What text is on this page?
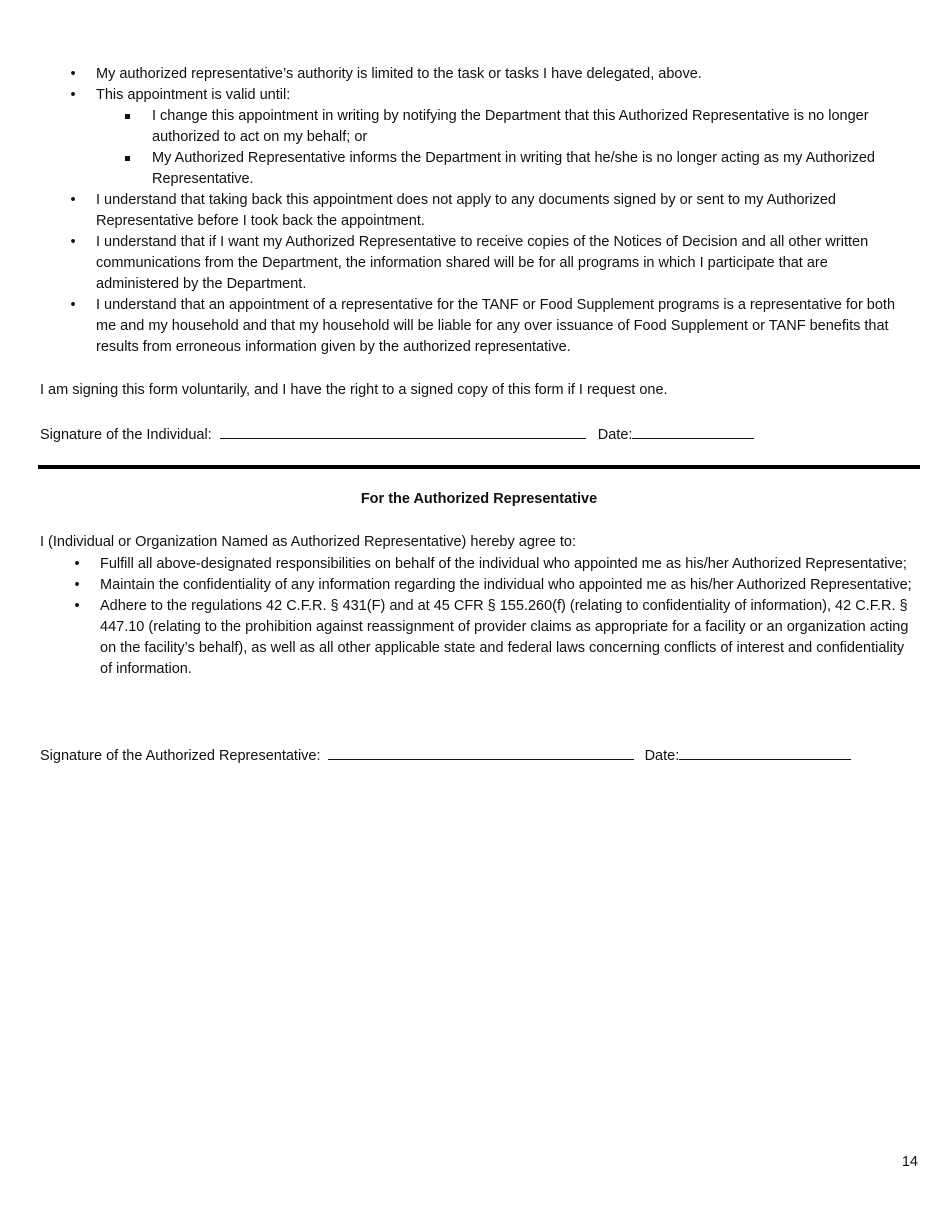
• My authorized representative’s authority is limited to the task or tasks I have delegated, above.
• This appointment is valid until:
I change this appointment in writing by notifying the Department that this Authorized Representative is no longer authorized to act on my behalf; or
My Authorized Representative informs the Department in writing that he/she is no longer acting as my Authorized Representative.
• I understand that taking back this appointment does not apply to any documents signed by or sent to my Authorized Representative before I took back the appointment.
• I understand that if I want my Authorized Representative to receive copies of the Notices of Decision and all other written communications from the Department, the information shared will be for all programs in which I participate that are administered by the Department.
• I understand that an appointment of a representative for the TANF or Food Supplement programs is a representative for both me and my household and that my household will be liable for any over issuance of Food Supplement or TANF benefits that results from erroneous information given by the authorized representative.
I am signing this form voluntarily, and I have the right to a signed copy of this form if I request one.
Signature of the Individual:	Date:
For the Authorized Representative
I (Individual or Organization Named as Authorized Representative) hereby agree to:
• Fulfill all above-designated responsibilities on behalf of the individual who appointed me as his/her Authorized Representative;
• Maintain the confidentiality of any information regarding the individual who appointed me as his/her Authorized Representative;
• Adhere to the regulations 42 C.F.R. § 431(F) and at 45 CFR § 155.260(f) (relating to confidentiality of information), 42 C.F.R. § 447.10 (relating to the prohibition against reassignment of provider claims as appropriate for a facility or an organization acting on the facility’s behalf), as well as all other applicable state and federal laws concerning conflicts of interest and confidentiality of information.
Signature of the Authorized Representative:	Date:
14
